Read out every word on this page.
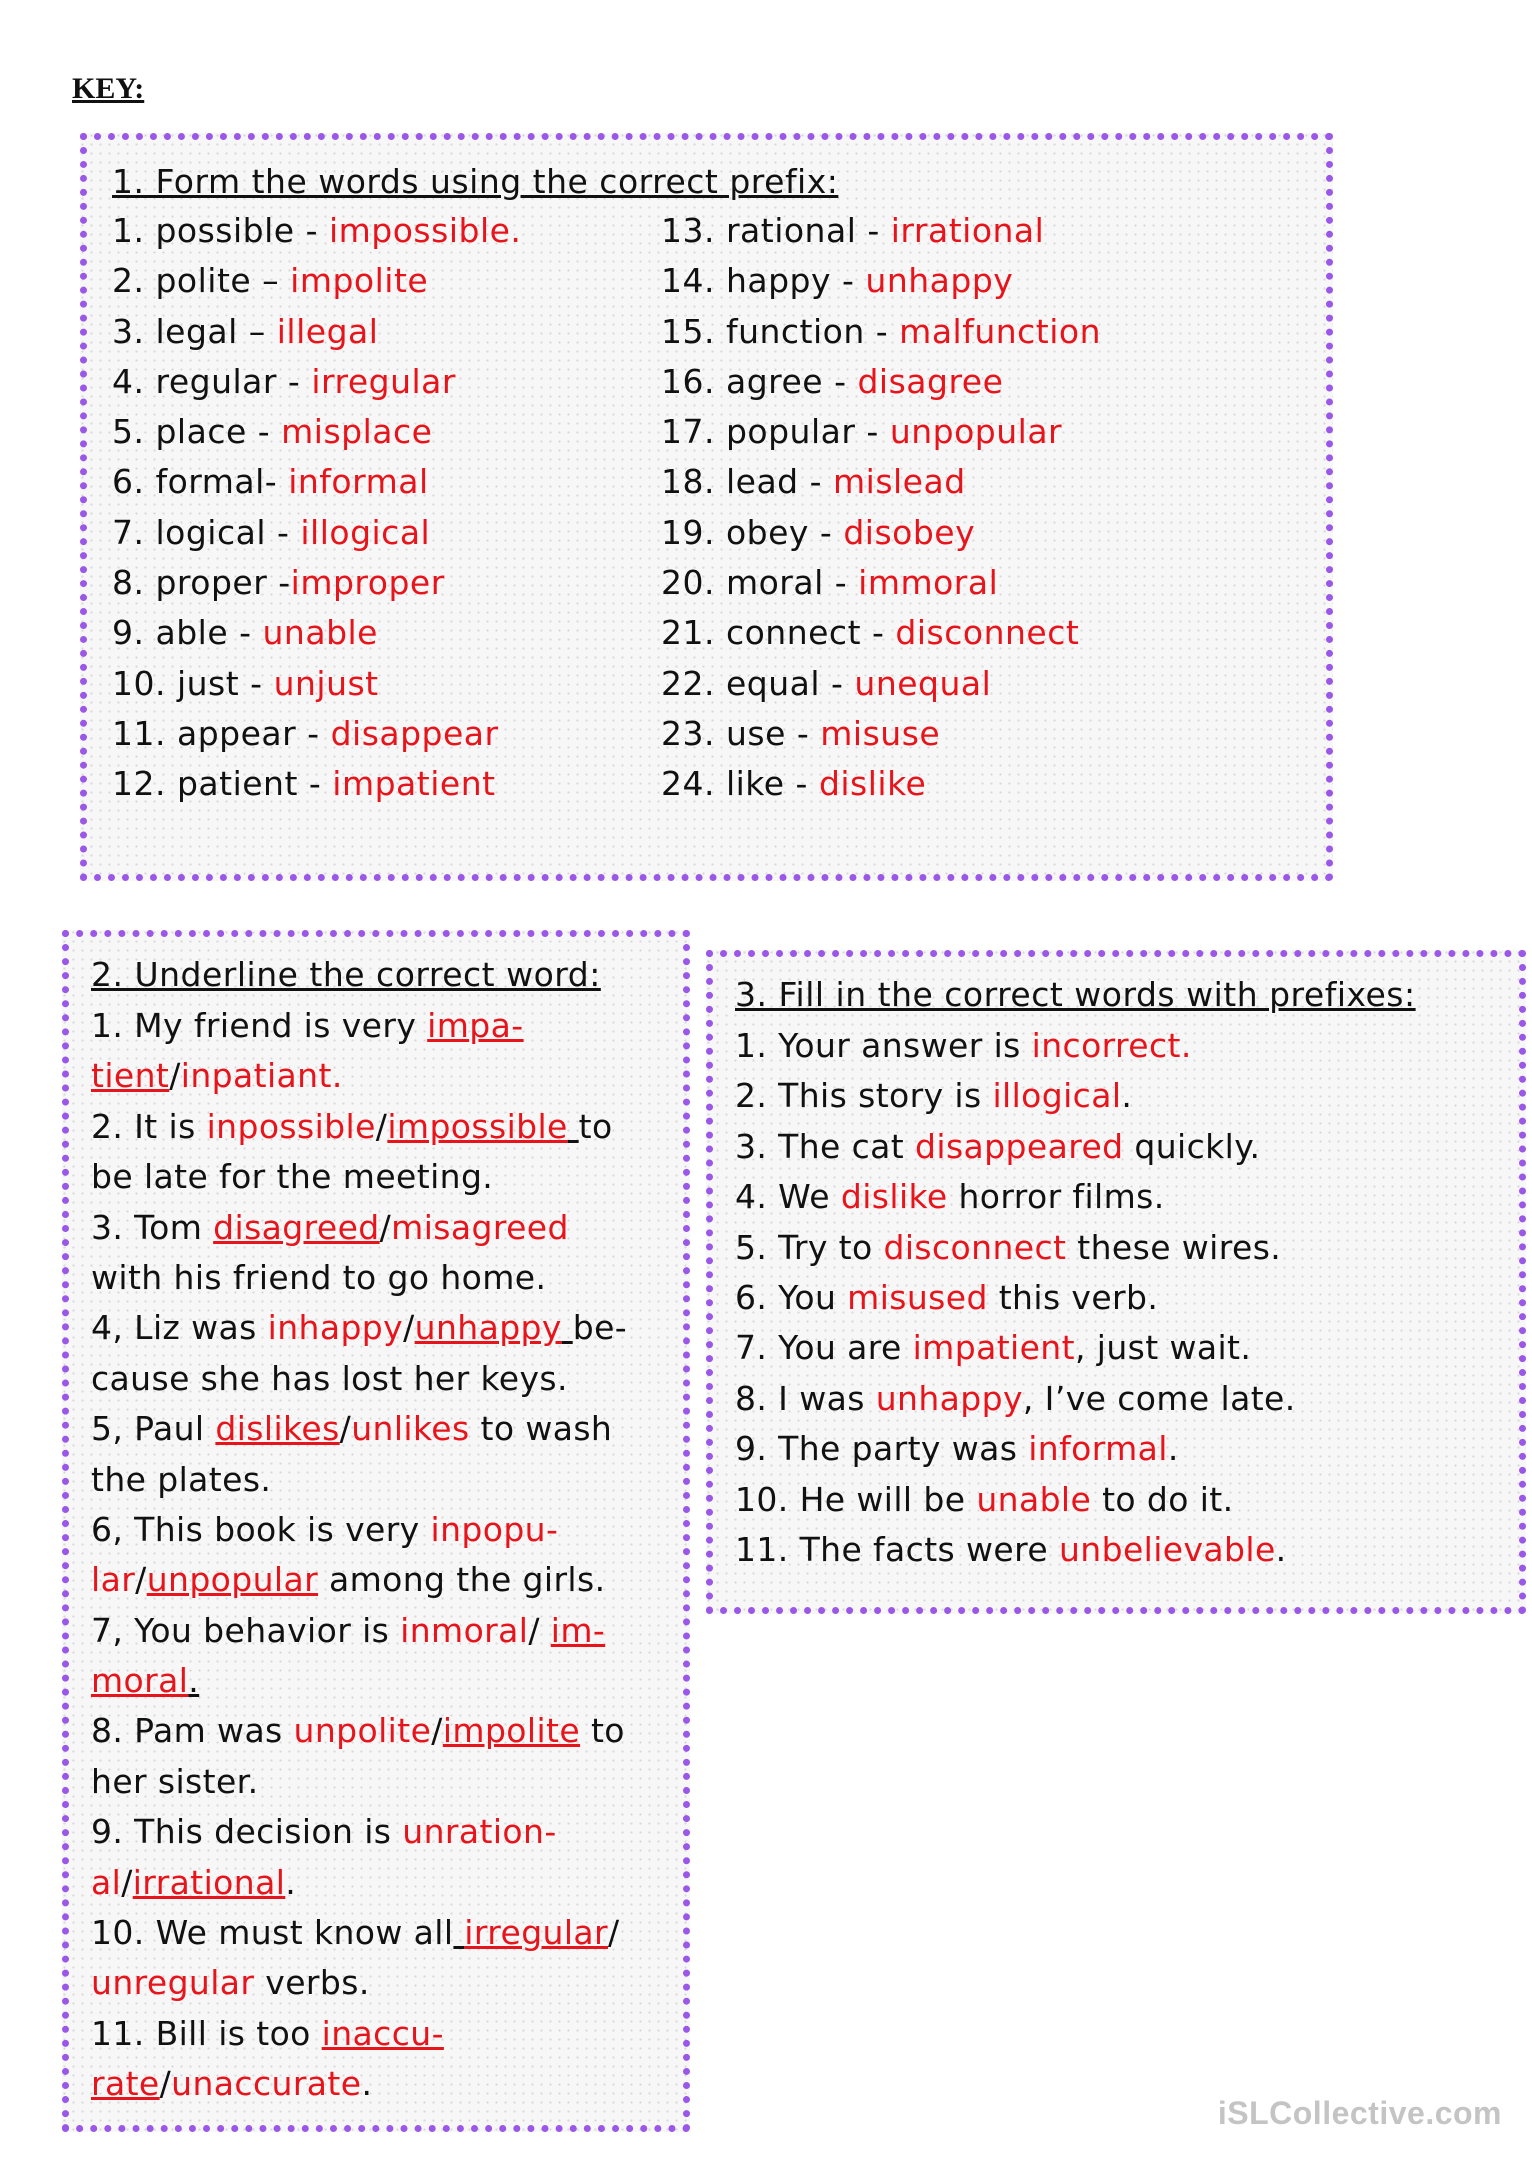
KEY:
1. Form the words using the correct prefix:
1. possible - impossible.
2. polite – impolite
3. legal – illegal
4. regular - irregular
5. place - misplace
6. formal- informal
7. logical - illogical
8. proper -improper
9. able - unable
10. just - unjust
11. appear - disappear
12. patient - impatient
13. rational - irrational
14. happy - unhappy
15. function - malfunction
16. agree - disagree
17. popular - unpopular
18. lead - mislead
19. obey - disobey
20. moral - immoral
21. connect - disconnect
22. equal - unequal
23. use - misuse
24. like - dislike
2. Underline the correct word:
1. My friend is very impa-
tient/inpatiant.
2. It is inpossible/impossible to
be late for the meeting.
3. Tom disagreed/misagreed
with his friend to go home.
4, Liz was inhappy/unhappy be-
cause she has lost her keys.
5, Paul dislikes/unlikes to wash
the plates.
6, This book is very inpopu-
lar/unpopular among the girls.
7, You behavior is inmoral/ im-
moral.
8. Pam was unpolite/impolite to
her sister.
9. This decision is unration-
al/irrational.
10. We must know all irregular/
unregular verbs.
11. Bill is too inaccu-
rate/unaccurate.
3. Fill in the correct words with prefixes:
1. Your answer is incorrect.
2. This story is illogical.
3. The cat disappeared quickly.
4. We dislike horror films.
5. Try to disconnect these wires.
6. You misused this verb.
7. You are impatient, just wait.
8. I was unhappy, I’ve come late.
9. The party was informal.
10. He will be unable to do it.
11. The facts were unbelievable.
iSLCollective.com
